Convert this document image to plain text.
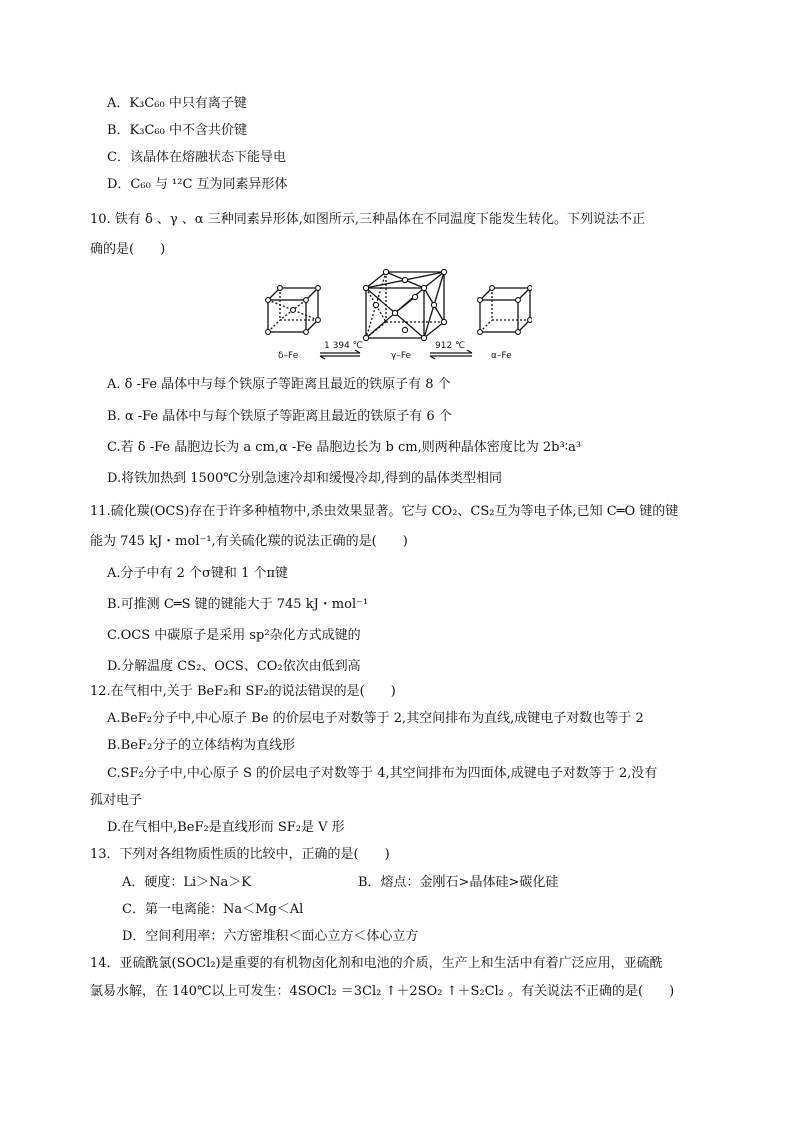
A．K₃C₆₀ 中只有离子键
B．K₃C₆₀ 中不含共价键
C．该晶体在熔融状态下能导电
D．C₆₀ 与 ¹²C 互为同素异形体
10. 铁有 δ 、γ 、α 三种同素异形体,如图所示,三种晶体在不同温度下能发生转化。下列说法不正
确的是(　　)
δ–Fe
1 394 ℃
γ–Fe
912 ℃
α–Fe
A. δ -Fe 晶体中与每个铁原子等距离且最近的铁原子有 8 个
B. α -Fe 晶体中与每个铁原子等距离且最近的铁原子有 6 个
C.若 δ -Fe 晶胞边长为 a cm,α -Fe 晶胞边长为 b cm,则两种晶体密度比为 2b³∶a³
D.将铁加热到 1500℃分别急速冷却和缓慢冷却,得到的晶体类型相同
11.硫化羰(OCS)存在于许多种植物中,杀虫效果显著。它与 CO₂、CS₂互为等电子体,已知 C═O 键的键
能为 745 kJ・mol⁻¹,有关硫化羰的说法正确的是(　　)
A.分子中有 2 个σ键和 1 个π键
B.可推测 C═S 键的键能大于 745 kJ・mol⁻¹
C.OCS 中碳原子是采用 sp²杂化方式成键的
D.分解温度 CS₂、OCS、CO₂依次由低到高
12.在气相中,关于 BeF₂和 SF₂的说法错误的是(　　)
A.BeF₂分子中,中心原子 Be 的价层电子对数等于 2,其空间排布为直线,成键电子对数也等于 2
B.BeF₂分子的立体结构为直线形
C.SF₂分子中,中心原子 S 的价层电子对数等于 4,其空间排布为四面体,成键电子对数等于 2,没有
孤对电子
D.在气相中,BeF₂是直线形而 SF₂是 V 形
13．下列对各组物质性质的比较中，正确的是(　　)
A．硬度：Li＞Na＞K	B．熔点：金刚石>晶体硅>碳化硅
C．第一电离能：Na＜Mg＜Al
D．空间利用率：六方密堆积＜面心立方＜体心立方
14．亚硫酰氯(SOCl₂)是重要的有机物卤化剂和电池的介质，生产上和生活中有着广泛应用，亚硫酰
氯易水解，在 140℃以上可发生：4SOCl₂ ＝3Cl₂ ↑＋2SO₂ ↑＋S₂Cl₂ 。有关说法不正确的是(　　)
